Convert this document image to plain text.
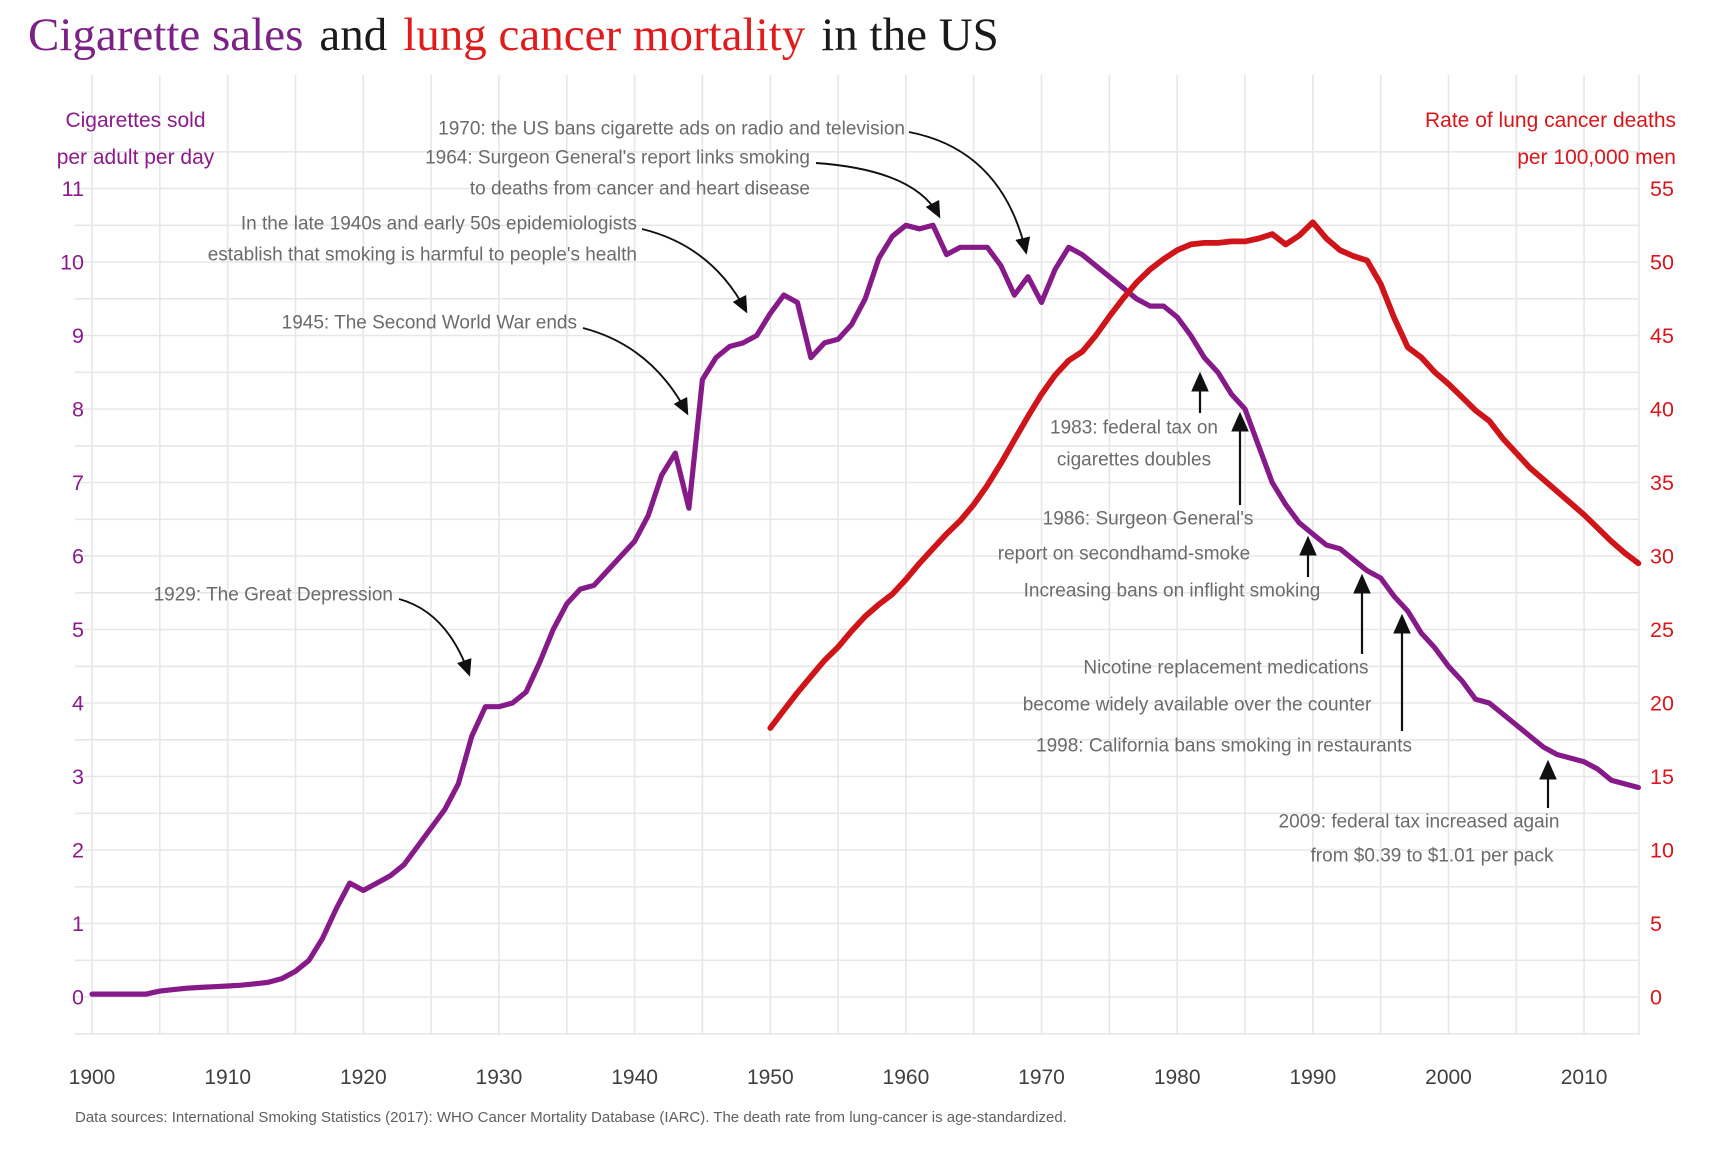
Cigarette sales and lung cancer mortality in the US
0
1
2
3
4
5
6
7
8
9
10
11
0
5
10
15
20
25
30
35
40
45
50
55
1900	1910	1920	1930	1940	1950	1960	1970	1980	1990	2000	2010
1970: the US bans cigarette ads on radio and television
1964: Surgeon General's report links smoking
to deaths from cancer and heart disease
In the late 1940s and early 50s epidemiologists
establish that smoking is harmful to people's health
1945: The Second World War ends
1929: The Great Depression
1983: federal tax on
cigarettes doubles
1986: Surgeon General's
report on secondhamd-smoke
Increasing bans on inflight smoking
Nicotine replacement medications
become widely available over the counter
1998: California bans smoking in restaurants
2009: federal tax increased again
from $0.39 to $1.01 per pack
Cigarettes sold
per adult per day
Rate of lung cancer deaths
per 100,000 men
Data sources: International Smoking Statistics (2017): WHO Cancer Mortality Database (IARC). The death rate from lung-cancer is age-standardized.
